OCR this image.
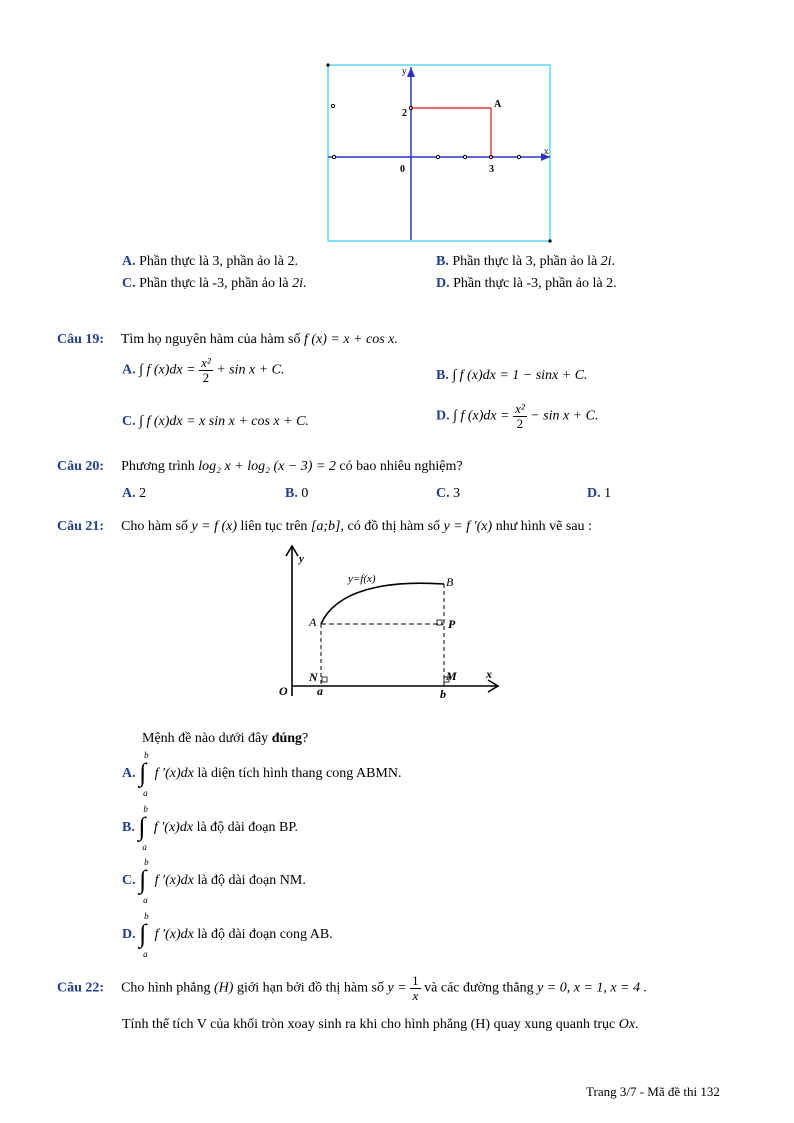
y
x
A
2
0	3
A. Phần thực là 3, phần ảo là 2.	B. Phần thực là 3, phần ảo là 2i.
C. Phần thực là -3, phần ảo là 2i.	D. Phần thực là -3, phần ảo là 2.
Câu 19: Tìm họ nguyên hàm của hàm số f (x) = x + cos x.
A. ∫ f $(x)dx = \frac{\text{x²}}{2} + \sin x + C$.	B. ∫ f (x)dx = 1 − sinx + C.
C. ∫ f (x)dx = x sin x + cos x + C.	D. ∫ f $(x)dx = \frac{\text{x²}}{2} - \sin x + C$.
Câu 20: Phương trình log₂ x + log₂ (x − 3) = 2 có bao nhiêu nghiệm?
A. 2	B. 0	C. 3	D. 1
Câu 21: Cho hàm số y = f (x) liên tục trên [a;b], có đồ thị hàm số y = f ′(x) như hình vẽ sau :
y
x
y=f(x)	B
A	P
N	M
O a	b
Mệnh đề nào dưới đây đúng?
A.
b
∫
a
f ′(x)dx là diện tích hình thang cong ABMN.
B.
b
∫
a
f ′(x)dx là độ dài đoạn BP.
C.
b
∫
a
f ′(x)dx là độ dài đoạn NM.
D.
b
∫
a
f ′(x)dx là độ dài đoạn cong AB.
Câu 22: Cho hình phẳng (H) giới hạn bởi đồ thị hàm số $y = \frac{1}{x}$ và các đường thẳng y = 0, x = 1, x = 4 .
Tính thể tích V của khối tròn xoay sinh ra khi cho hình phẳng (H) quay xung quanh trục Ox.
Trang 3/7 - Mã đề thi 132
